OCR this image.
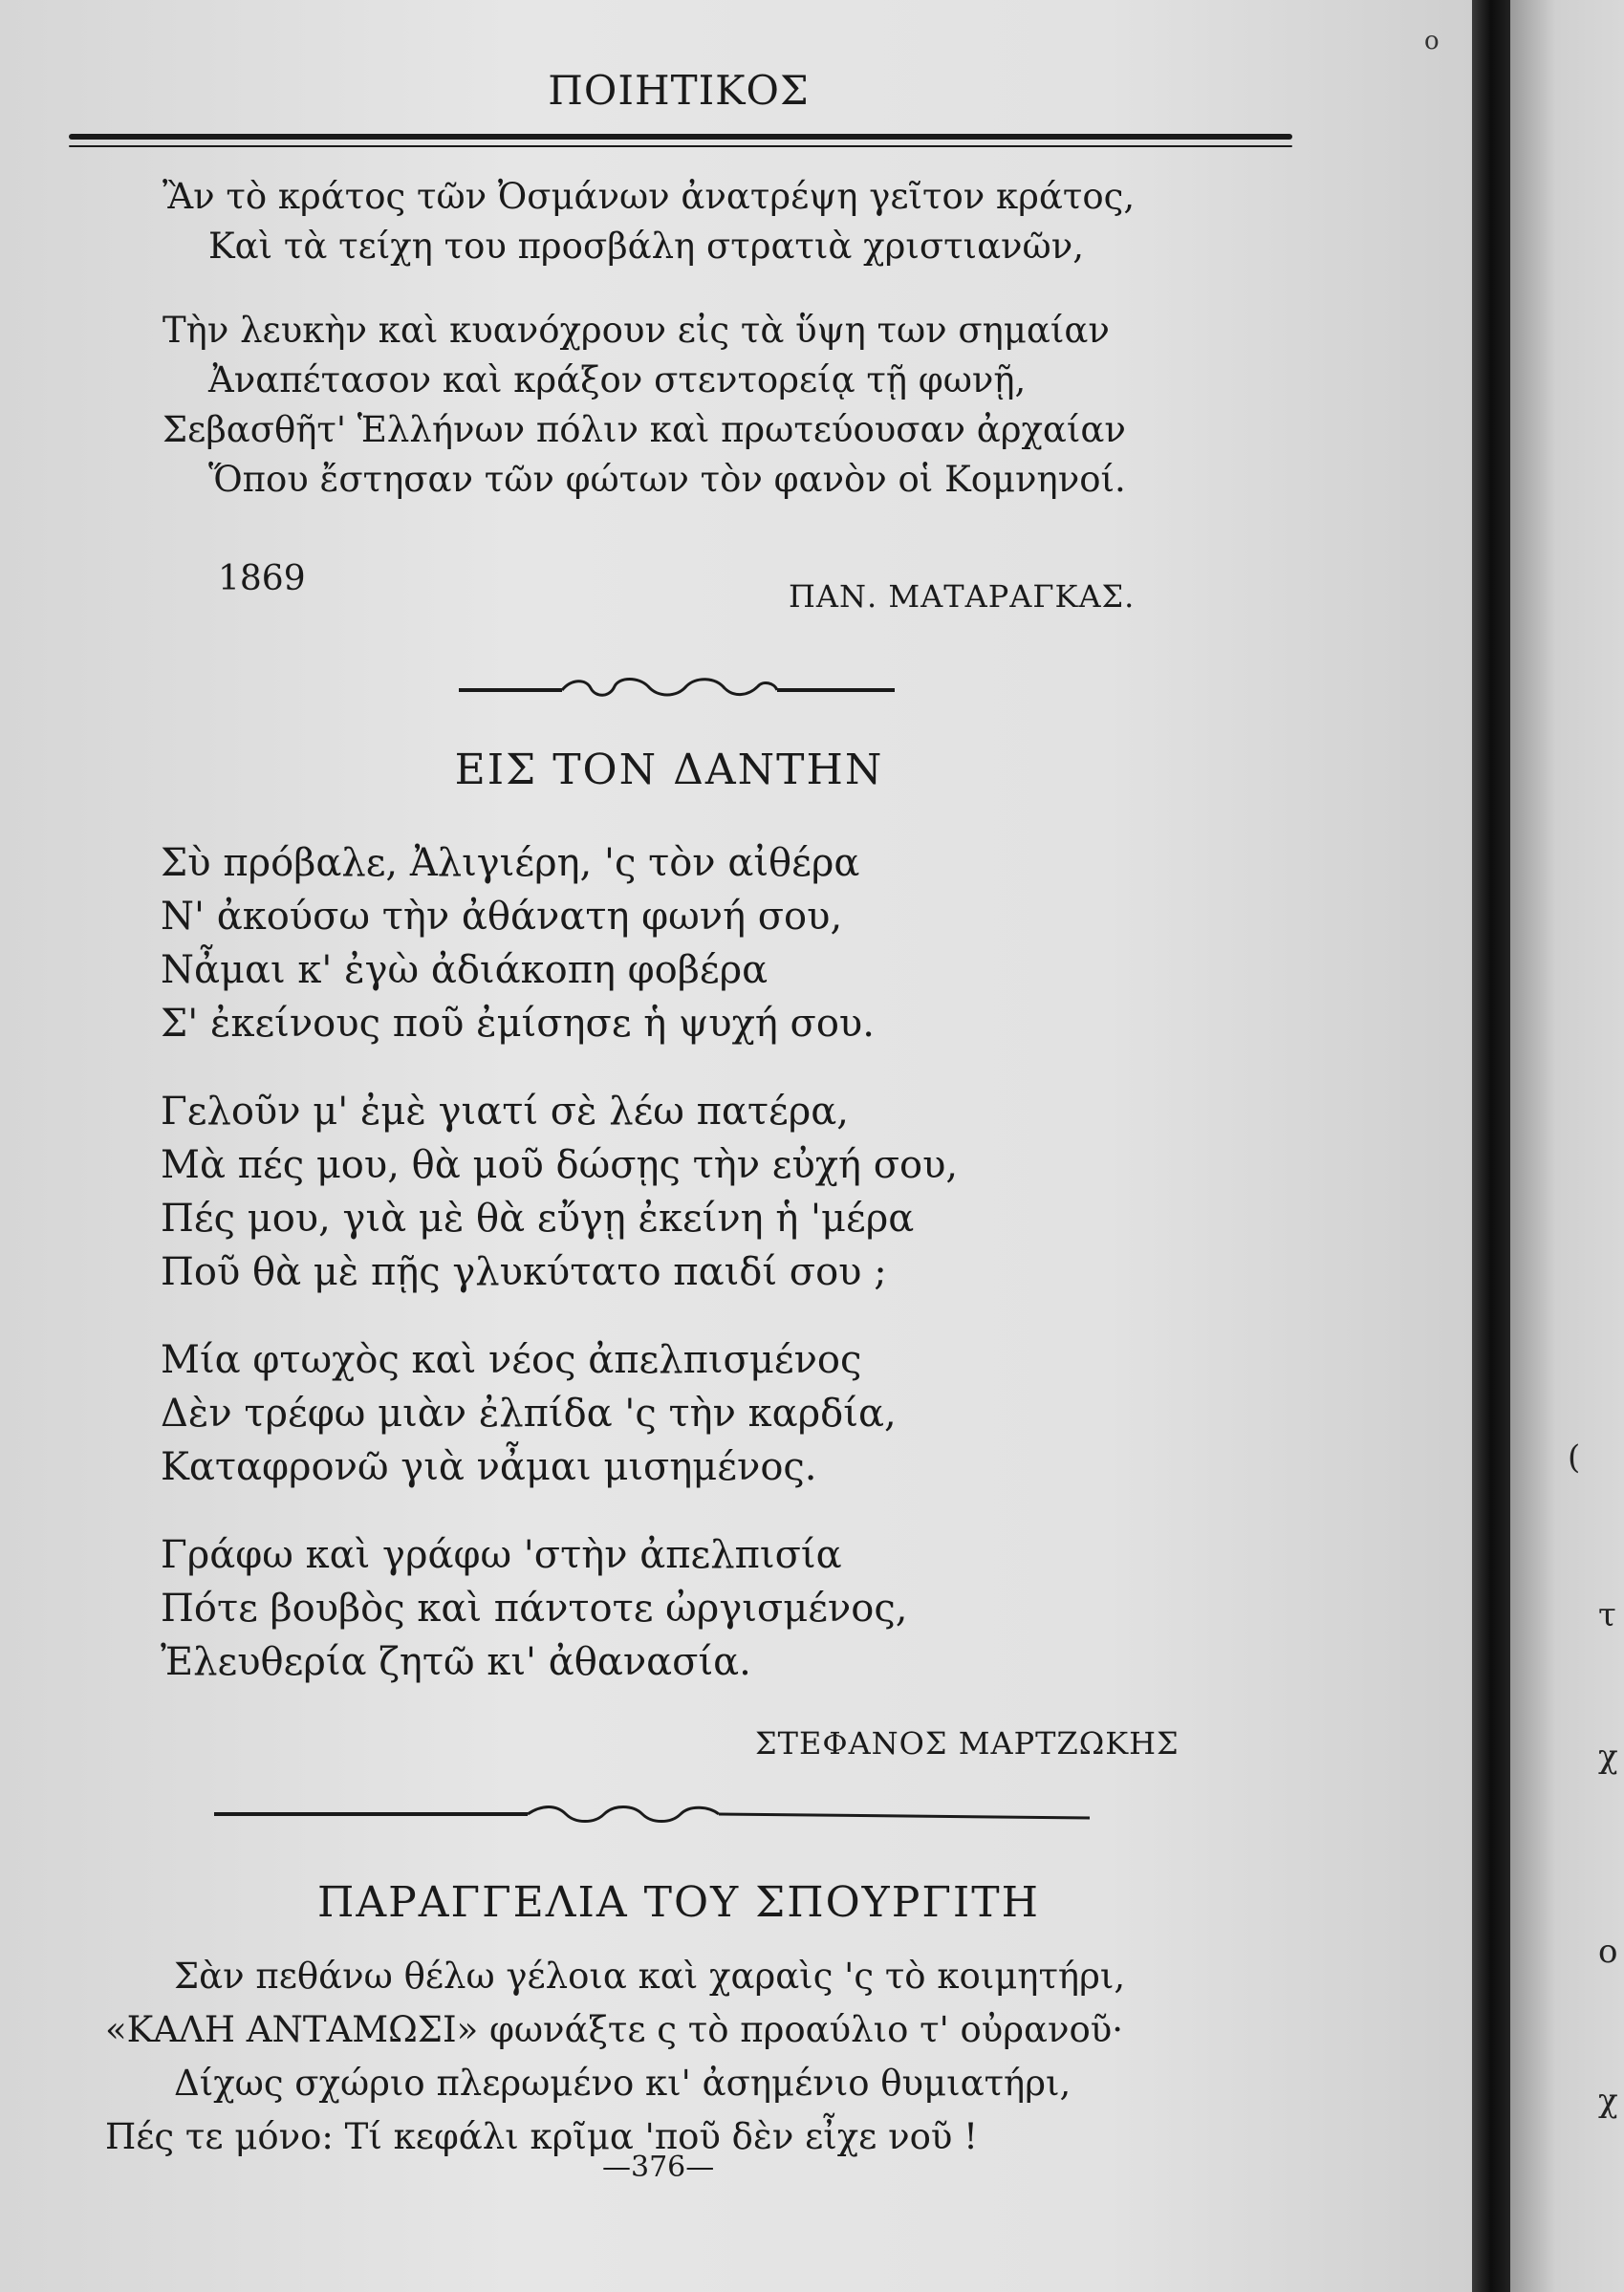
(
τ
χ
ο
χ
ο
ΠΟΙΗΤΙΚΟΣ
Ἂν τὸ κράτος τῶν Ὀσμάνων ἀνατρέψη γεῖτον κράτος,
Καὶ τὰ τείχη του προσβάλη στρατιὰ χριστιανῶν,
Τὴν λευκὴν καὶ κυανόχρουν εἰς τὰ ὕψη των σημαίαν
Ἀναπέτασον καὶ κράξον στεντορείᾳ τῇ φωνῇ,
Σεβασθῆτ' Ἑλλήνων πόλιν καὶ πρωτεύουσαν ἀρχαίαν
Ὅπου ἔστησαν τῶν φώτων τὸν φανὸν οἱ Κομνηνοί.
1869	ΠΑΝ. ΜΑΤΑΡΑΓΚΑΣ.
ΕΙΣ ΤΟΝ ΔΑΝΤΗΝ
Σὺ πρόβαλε, Ἀλιγιέρη, 'ς τὸν αἰθέρα
Ν' ἀκούσω τὴν ἀθάνατη φωνή σου,
Νἆμαι κ' ἐγὼ ἀδιάκοπη φοβέρα
Σ' ἐκείνους ποῦ ἐμίσησε ἡ ψυχή σου.
Γελοῦν μ' ἐμὲ γιατί σὲ λέω πατέρα,
Μὰ πές μου, θὰ μοῦ δώσῃς τὴν εὐχή σου,
Πές μου, γιὰ μὲ θὰ εὔγῃ ἐκείνη ἡ 'μέρα
Ποῦ θὰ μὲ πῇς γλυκύτατο παιδί σου ;
Μία φτωχὸς καὶ νέος ἀπελπισμένος
Δὲν τρέφω μιὰν ἐλπίδα 'ς τὴν καρδία,
Καταφρονῶ γιὰ νἆμαι μισημένος.
Γράφω καὶ γράφω 'στὴν ἀπελπισία
Πότε βουβὸς καὶ πάντοτε ὠργισμένος,
Ἐλευθερία ζητῶ κι' ἀθανασία.
ΣΤΕΦΑΝΟΣ ΜΑΡΤΖΩΚΗΣ
ΠΑΡΑΓΓΕΛΙΑ ΤΟΥ ΣΠΟΥΡΓΙΤΗ
Σὰν πεθάνω θέλω γέλοια καὶ χαραὶς 'ς τὸ κοιμητήρι,
«ΚΑΛΗ ΑΝΤΑΜΩΣΙ» φωνάξτε ς τὸ προαύλιο τ' οὐρανοῦ·
Δίχως σχώριο πλερωμένο κι' ἀσημένιο θυμιατήρι,
Πές τε μόνο: Τί κεφάλι κρῖμα 'ποῦ δὲν εἶχε νοῦ !
—376—
